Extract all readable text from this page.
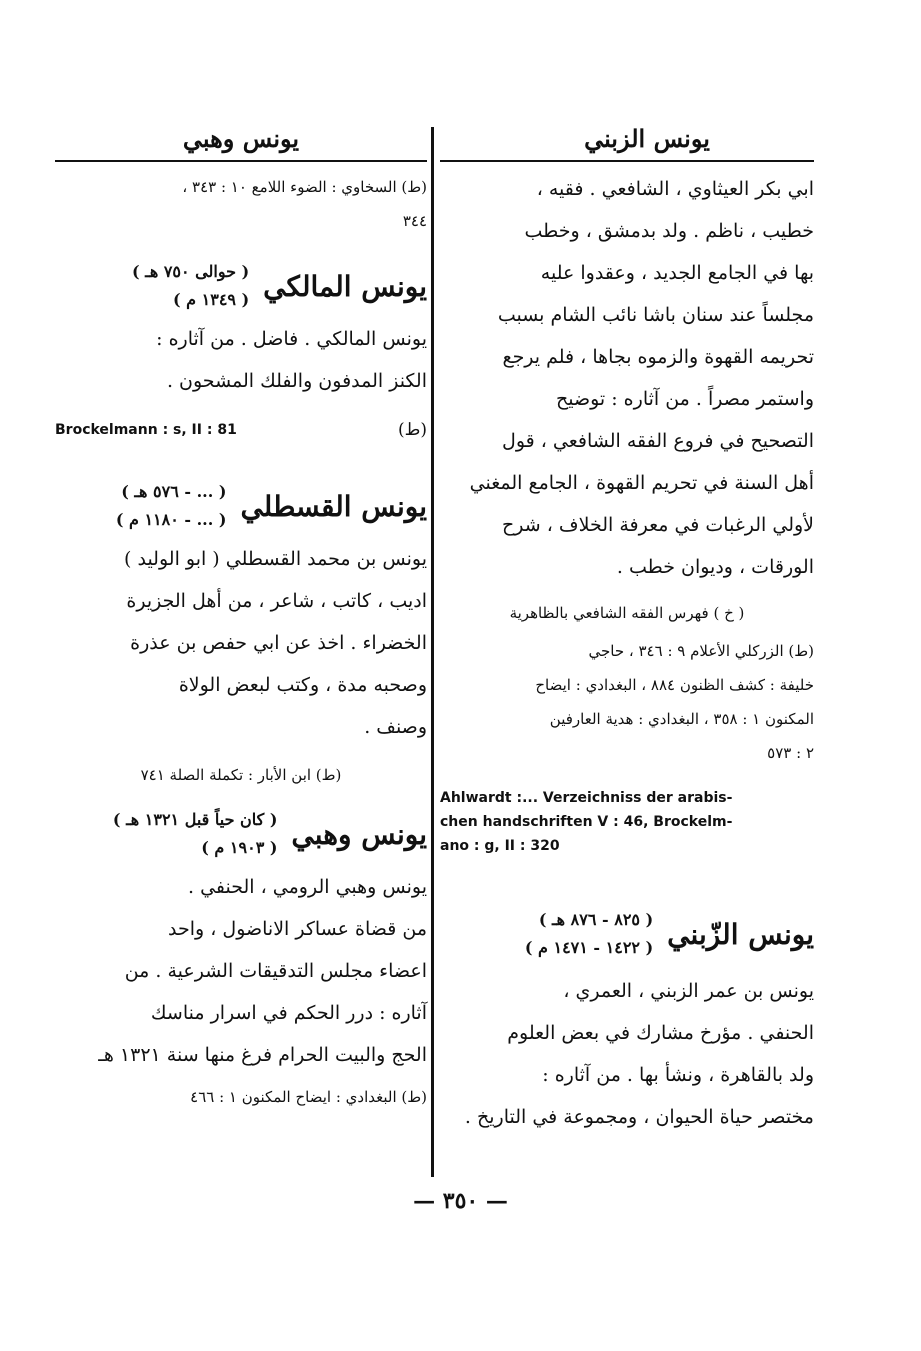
يونس الزبني
ابي بكر العيثاوي ، الشافعي . فقيه ،
خطيب ، ناظم . ولد بدمشق ، وخطب
بها في الجامع الجديد ، وعقدوا عليه
مجلساً عند سنان باشا نائب الشام بسبب
تحريمه القهوة والزموه بجاها ، فلم يرجع
واستمر مصراً . من آثاره : توضيح
التصحيح في فروع الفقه الشافعي ، قول
أهل السنة في تحريم القهوة ، الجامع المغني
لأولي الرغبات في معرفة الخلاف ، شرح
الورقات ، وديوان خطب .
( خ ) فهرس الفقه الشافعي بالظاهرية
(ط) الزركلي الأعلام ٩ : ٣٤٦ ، حاجي
خليفة : كشف الظنون ٨٨٤ ، البغدادي : ايضاح
المكنون ١ : ٣٥٨ ، البغدادي : هدية العارفين
٢ : ٥٧٣
Ahlwardt :... Verzeichniss der arabis-
chen handschriften V : 46, Brockelm-
ano : g, II : 320
يونس الزّبني
( ٨٢٥ - ٨٧٦ هـ )
( ١٤٢٢ - ١٤٧١ م )
يونس بن عمر الزبني ، العمري ،
الحنفي . مؤرخ مشارك في بعض العلوم
ولد بالقاهرة ، ونشأ بها . من آثاره :
مختصر حياة الحيوان ، ومجموعة في التاريخ .
يونس وهبي
(ط) السخاوي : الضوء اللامع ١٠ : ٣٤٣ ،
٣٤٤
يونس المالكي
( حوالى ٧٥٠ هـ )
( ١٣٤٩ م )
يونس المالكي . فاضل . من آثاره :
الكنز المدفون والفلك المشحون .
(ط)
Brockelmann : s, II : 81
يونس القسطلي
( ... - ٥٧٦ هـ )
( ... - ١١٨٠ م )
يونس بن محمد القسطلي ( ابو الوليد )
اديب ، كاتب ، شاعر ، من أهل الجزيرة
الخضراء . اخذ عن ابي حفص بن عذرة
وصحبه مدة ، وكتب لبعض الولاة
وصنف .
(ط) ابن الأبار : تكملة الصلة ٧٤١
يونس وهبي
( كان حياً قبل ١٣٢١ هـ )
( ١٩٠٣ م )
يونس وهبي الرومي ، الحنفي .
من قضاة عساكر الاناضول ، واحد
اعضاء مجلس التدقيقات الشرعية . من
آثاره : درر الحكم في اسرار مناسك
الحج والبيت الحرام فرغ منها سنة ١٣٢١ هـ
(ط) البغدادي : ايضاح المكنون ١ : ٤٦٦
— ٣٥٠ —
